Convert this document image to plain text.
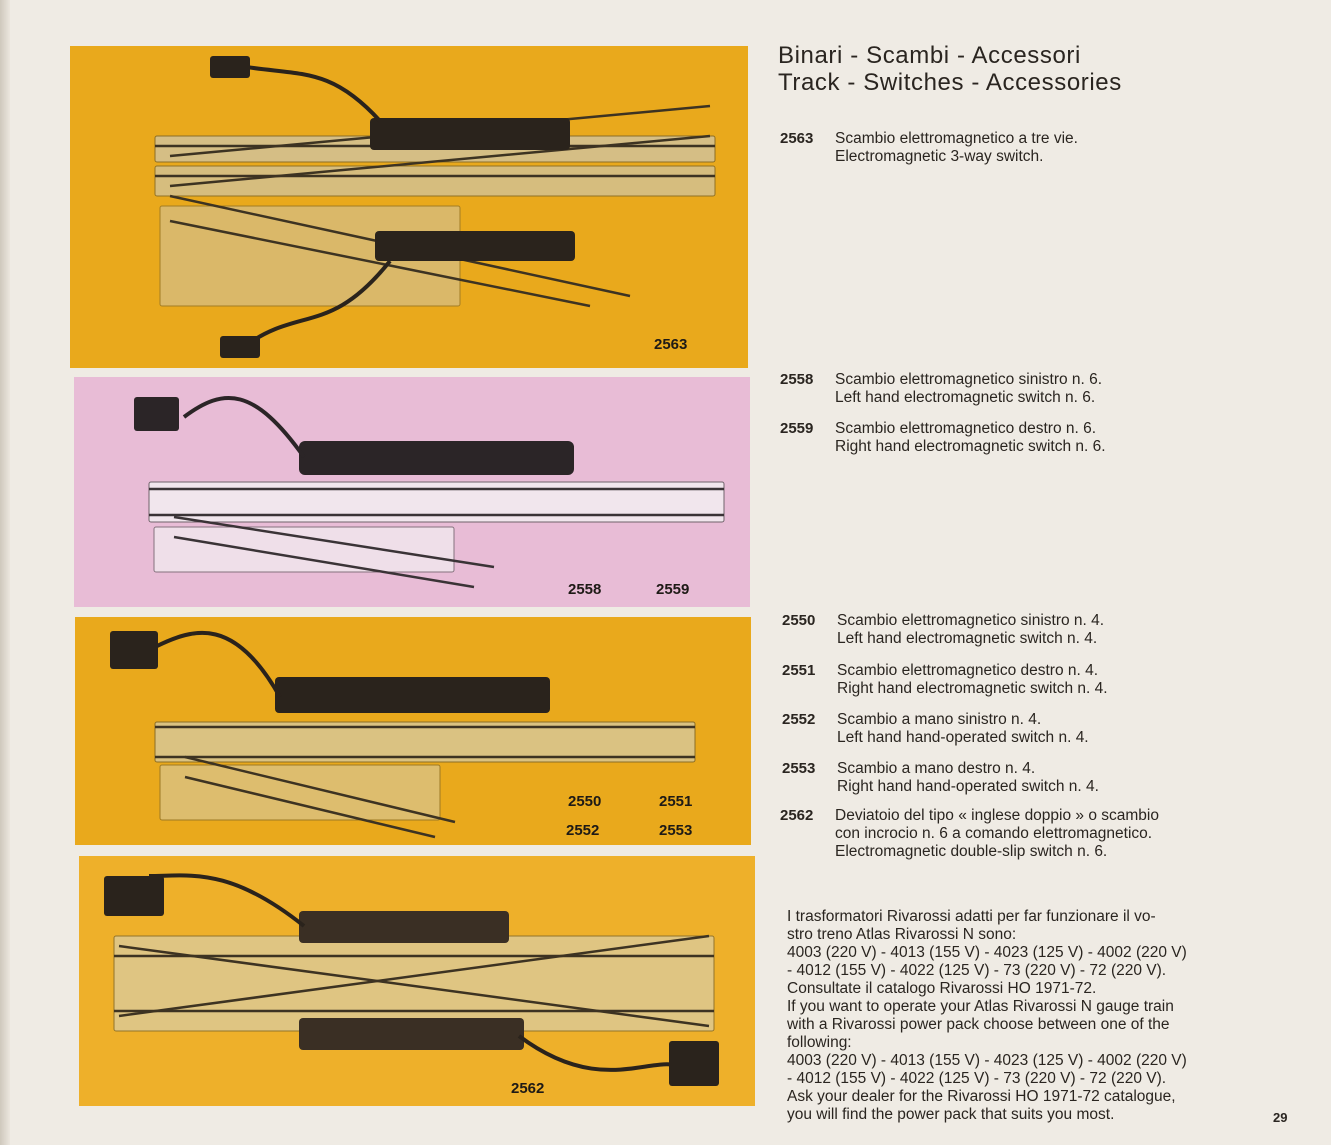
2563
2558	2559
2550	2551
2552	2553
2562
Binari - Scambi - Accessori
Track - Switches - Accessories
2563 Scambio elettromagnetico a tre vie.
Electromagnetic 3-way switch.
2558 Scambio elettromagnetico sinistro n. 6.
Left hand electromagnetic switch n. 6.
2559 Scambio elettromagnetico destro n. 6.
Right hand electromagnetic switch n. 6.
2550 Scambio elettromagnetico sinistro n. 4.
Left hand electromagnetic switch n. 4.
2551 Scambio elettromagnetico destro n. 4.
Right hand electromagnetic switch n. 4.
2552 Scambio a mano sinistro n. 4.
Left hand hand-operated switch n. 4.
2553 Scambio a mano destro n. 4.
Right hand hand-operated switch n. 4.
2562 Deviatoio del tipo « inglese doppio » o scambio
con incrocio n. 6 a comando elettromagnetico.
Electromagnetic double-slip switch n. 6.
I trasformatori Rivarossi adatti per far funzionare il vo-
stro treno Atlas Rivarossi N sono:
4003 (220 V) - 4013 (155 V) - 4023 (125 V) - 4002 (220 V)
- 4012 (155 V) - 4022 (125 V) - 73 (220 V) - 72 (220 V).
Consultate il catalogo Rivarossi HO 1971-72.
If you want to operate your Atlas Rivarossi N gauge train
with a Rivarossi power pack choose between one of the
following:
4003 (220 V) - 4013 (155 V) - 4023 (125 V) - 4002 (220 V)
- 4012 (155 V) - 4022 (125 V) - 73 (220 V) - 72 (220 V).
Ask your dealer for the Rivarossi HO 1971-72 catalogue,
you will find the power pack that suits you most.	29
